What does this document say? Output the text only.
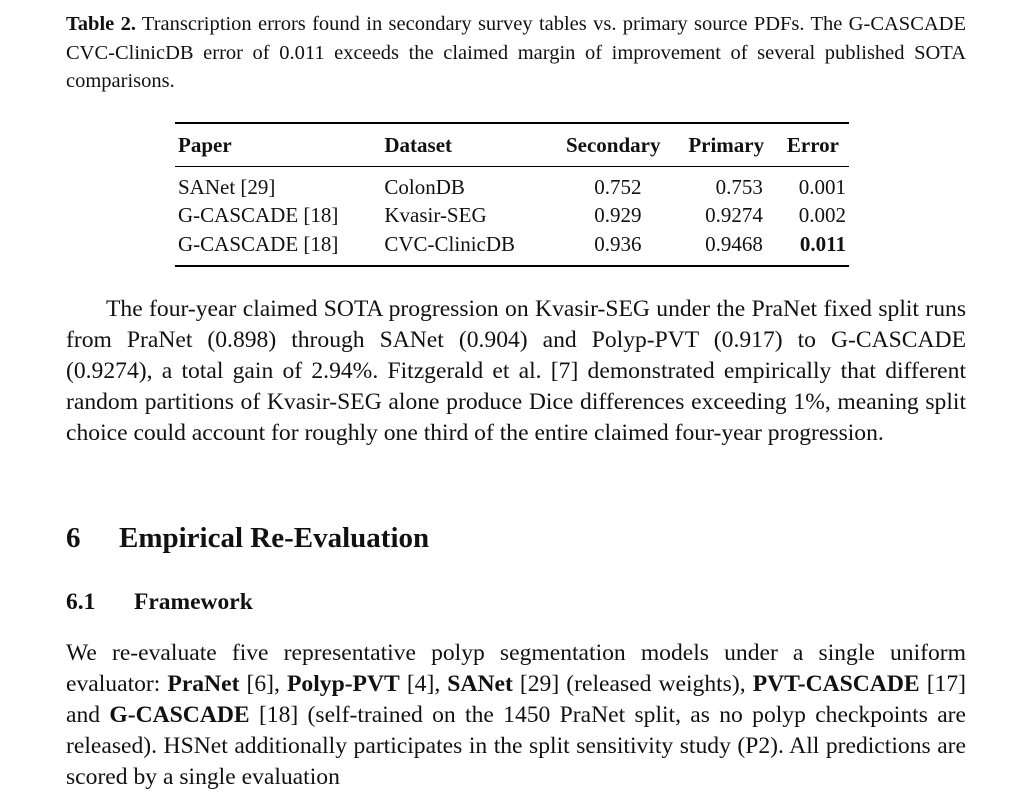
Table 2. Transcription errors found in secondary survey tables vs. primary source PDFs. The G-CASCADE CVC-ClinicDB error of 0.011 exceeds the claimed margin of improvement of several published SOTA comparisons.

Paper	Dataset	Secondary	Primary	Error
SANet [29]	ColonDB	0.752	0.753	0.001
G-CASCADE [18]	Kvasir-SEG	0.929	0.9274	0.002
G-CASCADE [18]	CVC-ClinicDB	0.936	0.9468	0.011

The four-year claimed SOTA progression on Kvasir-SEG under the PraNet fixed split runs from PraNet (0.898) through SANet (0.904) and Polyp-PVT (0.917) to G-CASCADE (0.9274), a total gain of 2.94%. Fitzgerald et al. [7] demonstrated empirically that different random partitions of Kvasir-SEG alone produce Dice differences exceeding 1%, meaning split choice could account for roughly one third of the entire claimed four-year progression.

6 Empirical Re-Evaluation
6.1 Framework

We re-evaluate five representative polyp segmentation models under a single uniform evaluator: PraNet [6], Polyp-PVT [4], SANet [29] (released weights), PVT-CASCADE [17] and G-CASCADE [18] (self-trained on the 1450 PraNet split, as no polyp checkpoints are released). HSNet additionally participates in the split sensitivity study (P2). All predictions are scored by a single evaluation
